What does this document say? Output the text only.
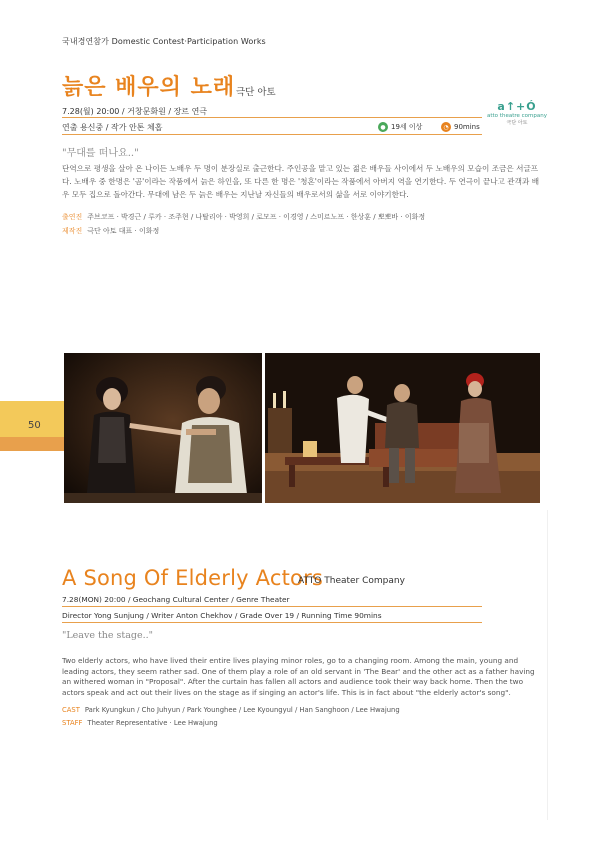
국내경연참가 Domestic Contest·Participation Works
늙은 배우의 노래 극단 아토
7.28(월) 20:00 / 거창문화원 / 장르 연극
연출 용신중 / 작가 안톤 체홉	● 19세 이상	◔ 90mins
a↑+Ó
atto theatre company
극단 아토
"무대를 떠나요.."
단역으로 평생을 살아 온 나이든 노배우 두 명이 분장실로 출근한다. 주인공을 맡고 있는 젊은 배우들 사이에서 두 노배우의 모습이 조금은 서글프다. 노배우 중 한명은 '곰'이라는 작품에서 늙은 하인을, 또 다른 한 명은 '청혼'이라는 작품에서 아버지 역을 연기한다. 두 연극이 끝나고 관객과 배우 모두 집으로 돌아간다. 무대에 남은 두 늙은 배우는 지난날 자신들의 배우로서의 삶을 서로 이야기한다.
출연진 주브코프 · 박경근 / 루카 · 조주현 / 나탈리아 · 박영희 / 로모프 · 이경영 / 스미르노프 · 한상훈 / 뽀뽀바 · 이화정
제작진 극단 아토 대표 · 이화정
50
A Song Of Elderly Actors
ATTO Theater Company
7.28(MON) 20:00 / Geochang Cultural Center / Genre Theater
Director Yong Sunjung / Writer Anton Chekhov / Grade Over 19 / Running Time 90mins
"Leave the stage.."
Two elderly actors, who have lived their entire lives playing minor roles, go to a changing room. Among the main, young and leading actors, they seem rather sad. One of them play a role of an old servant in 'The Bear' and the other act as a father having an withered woman in "Proposal". After the curtain has fallen all actors and audience took their way back home. Then the two actors speak and act out their lives on the stage as if singing an actor's life. This is in fact about "the elderly actor's song".
CAST Park Kyungkun / Cho Juhyun / Park Younghee / Lee Kyoungyul / Han Sanghoon / Lee Hwajung
STAFF Theater Representative · Lee Hwajung
